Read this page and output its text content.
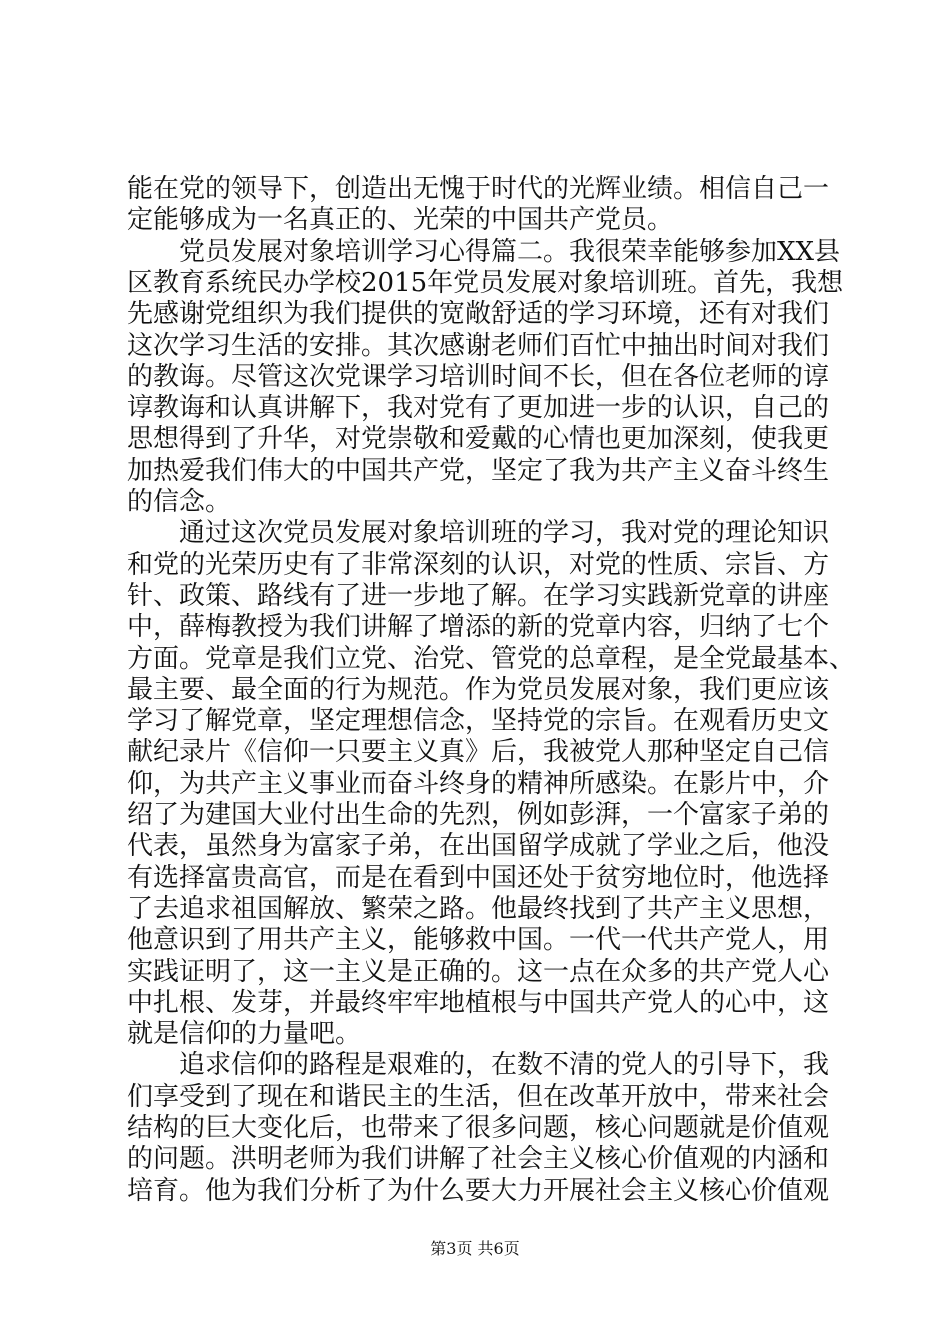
能在党的领导下，创造出无愧于时代的光辉业绩。相信自己一
定能够成为一名真正的、光荣的中国共产党员。
党员发展对象培训学习心得篇二。我很荣幸能够参加XX县
区教育系统民办学校2015年党员发展对象培训班。首先，我想
先感谢党组织为我们提供的宽敞舒适的学习环境，还有对我们
这次学习生活的安排。其次感谢老师们百忙中抽出时间对我们
的教诲。尽管这次党课学习培训时间不长，但在各位老师的谆
谆教诲和认真讲解下，我对党有了更加进一步的认识，自己的
思想得到了升华，对党崇敬和爱戴的心情也更加深刻，使我更
加热爱我们伟大的中国共产党，坚定了我为共产主义奋斗终生
的信念。
通过这次党员发展对象培训班的学习，我对党的理论知识
和党的光荣历史有了非常深刻的认识，对党的性质、宗旨、方
针、政策、路线有了进一步地了解。在学习实践新党章的讲座
中，薛梅教授为我们讲解了增添的新的党章内容，归纳了七个
方面。党章是我们立党、治党、管党的总章程，是全党最基本、
最主要、最全面的行为规范。作为党员发展对象，我们更应该
学习了解党章，坚定理想信念，坚持党的宗旨。在观看历史文
献纪录片《信仰一只要主义真》后，我被党人那种坚定自己信
仰，为共产主义事业而奋斗终身的精神所感染。在影片中，介
绍了为建国大业付出生命的先烈，例如彭湃，一个富家子弟的
代表，虽然身为富家子弟，在出国留学成就了学业之后，他没
有选择富贵高官，而是在看到中国还处于贫穷地位时，他选择
了去追求祖国解放、繁荣之路。他最终找到了共产主义思想，
他意识到了用共产主义，能够救中国。一代一代共产党人，用
实践证明了，这一主义是正确的。这一点在众多的共产党人心
中扎根、发芽，并最终牢牢地植根与中国共产党人的心中，这
就是信仰的力量吧。
追求信仰的路程是艰难的，在数不清的党人的引导下，我
们享受到了现在和谐民主的生活，但在改革开放中，带来社会
结构的巨大变化后，也带来了很多问题，核心问题就是价值观
的问题。洪明老师为我们讲解了社会主义核心价值观的内涵和
培育。他为我们分析了为什么要大力开展社会主义核心价值观
第3页 共6页
